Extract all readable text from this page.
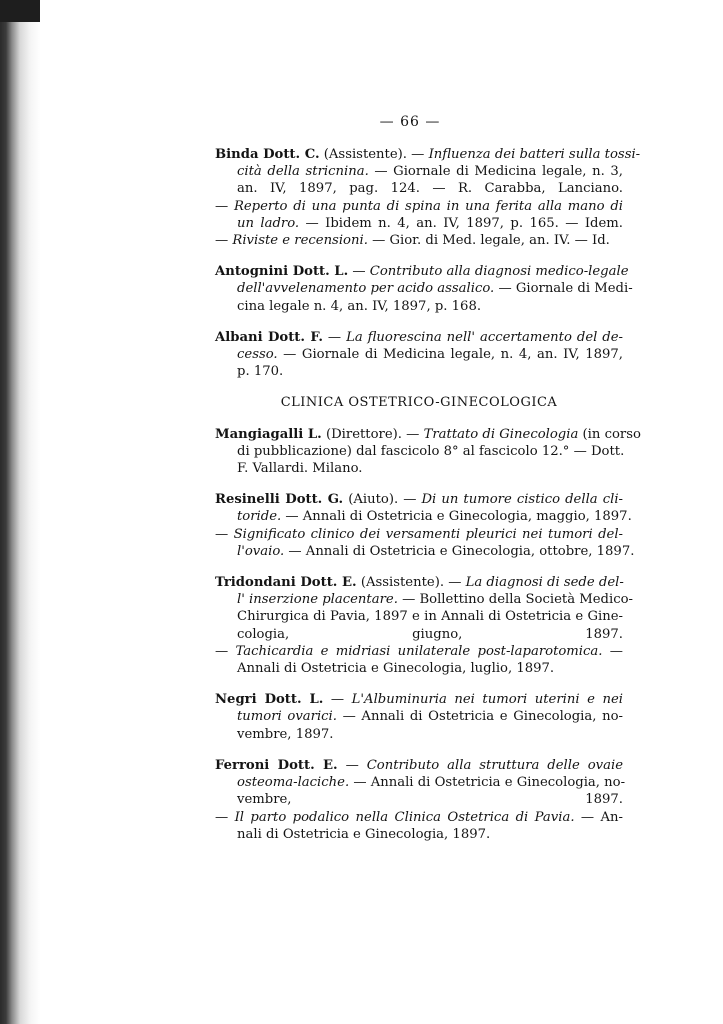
— 66 —
Binda Dott. C. (Assistente). — Influenza dei batteri sulla tossi-
cità della stricnina. — Giornale di Medicina legale, n. 3,
an. IV, 1897, pag. 124. — R. Carabba, Lanciano.
— Reperto di una punta di spina in una ferita alla mano di
un ladro. — Ibidem n. 4, an. IV, 1897, p. 165. — Idem.
— Riviste e recensioni. — Gior. di Med. legale, an. IV. — Id.
Antognini Dott. L. — Contributo alla diagnosi medico-legale
dell'avvelenamento per acido assalico. — Giornale di Medi-
cina legale n. 4, an. IV, 1897, p. 168.
Albani Dott. F. — La fluorescina nell' accertamento del de-
cesso. — Giornale di Medicina legale, n. 4, an. IV, 1897,
p. 170.
CLINICA OSTETRICO-GINECOLOGICA
Mangiagalli L. (Direttore). — Trattato di Ginecologia (in corso
di pubblicazione) dal fascicolo 8° al fascicolo 12.° — Dott.
F. Vallardi. Milano.
Resinelli Dott. G. (Aiuto). — Di un tumore cistico della cli-
toride. — Annali di Ostetricia e Ginecologia, maggio, 1897.
— Significato clinico dei versamenti pleurici nei tumori del-
l'ovaio. — Annali di Ostetricia e Ginecologia, ottobre, 1897.
Tridondani Dott. E. (Assistente). — La diagnosi di sede del-
l' inserzione placentare. — Bollettino della Società Medico-
Chirurgica di Pavia, 1897 e in Annali di Ostetricia e Gine-
cologia, giugno, 1897.
— Tachicardia e midriasi unilaterale post-laparotomica. —
Annali di Ostetricia e Ginecologia, luglio, 1897.
Negri Dott. L. — L'Albuminuria nei tumori uterini e nei
tumori ovarici. — Annali di Ostetricia e Ginecologia, no-
vembre, 1897.
Ferroni Dott. E. — Contributo alla struttura delle ovaie
osteoma-laciche. — Annali di Ostetricia e Ginecologia, no-
vembre, 1897.
— Il parto podalico nella Clinica Ostetrica di Pavia. — An-
nali di Ostetricia e Ginecologia, 1897.
